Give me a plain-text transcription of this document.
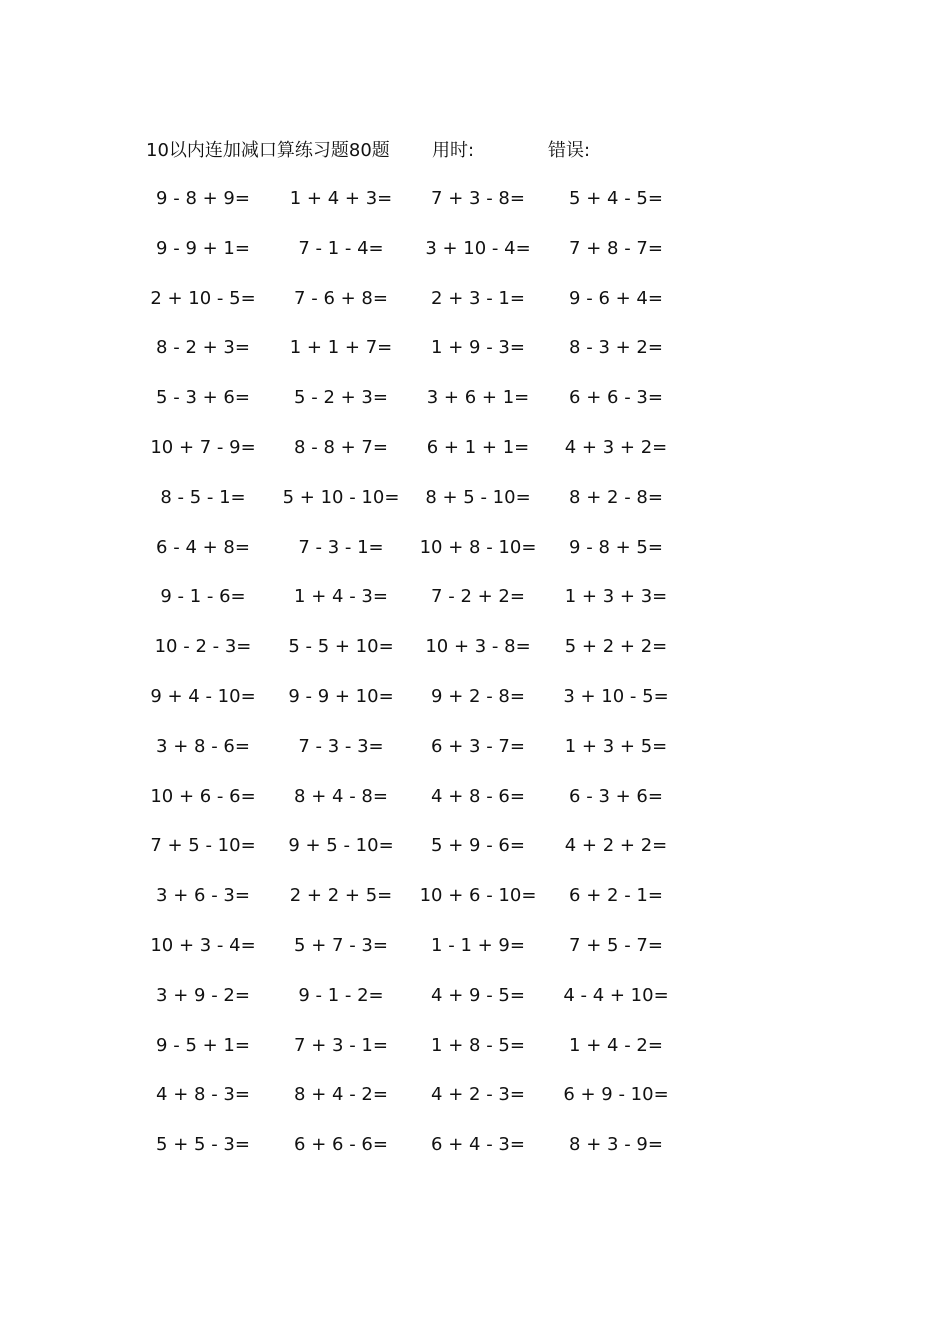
10以内连加减口算练习题80题 用时:	错误:
9 - 8 + 9=	1 + 4 + 3=	7 + 3 - 8=	5 + 4 - 5=
9 - 9 + 1=	7 - 1 - 4=	3 + 10 - 4=	7 + 8 - 7=
2 + 10 - 5=	7 - 6 + 8=	2 + 3 - 1=	9 - 6 + 4=
8 - 2 + 3=	1 + 1 + 7=	1 + 9 - 3=	8 - 3 + 2=
5 - 3 + 6=	5 - 2 + 3=	3 + 6 + 1=	6 + 6 - 3=
10 + 7 - 9=	8 - 8 + 7=	6 + 1 + 1=	4 + 3 + 2=
8 - 5 - 1=	5 + 10 - 10=	8 + 5 - 10=	8 + 2 - 8=
6 - 4 + 8=	7 - 3 - 1=	10 + 8 - 10=	9 - 8 + 5=
9 - 1 - 6=	1 + 4 - 3=	7 - 2 + 2=	1 + 3 + 3=
10 - 2 - 3=	5 - 5 + 10=	10 + 3 - 8=	5 + 2 + 2=
9 + 4 - 10=	9 - 9 + 10=	9 + 2 - 8=	3 + 10 - 5=
3 + 8 - 6=	7 - 3 - 3=	6 + 3 - 7=	1 + 3 + 5=
10 + 6 - 6=	8 + 4 - 8=	4 + 8 - 6=	6 - 3 + 6=
7 + 5 - 10=	9 + 5 - 10=	5 + 9 - 6=	4 + 2 + 2=
3 + 6 - 3=	2 + 2 + 5=	10 + 6 - 10=	6 + 2 - 1=
10 + 3 - 4=	5 + 7 - 3=	1 - 1 + 9=	7 + 5 - 7=
3 + 9 - 2=	9 - 1 - 2=	4 + 9 - 5=	4 - 4 + 10=
9 - 5 + 1=	7 + 3 - 1=	1 + 8 - 5=	1 + 4 - 2=
4 + 8 - 3=	8 + 4 - 2=	4 + 2 - 3=	6 + 9 - 10=
5 + 5 - 3=	6 + 6 - 6=	6 + 4 - 3=	8 + 3 - 9=
